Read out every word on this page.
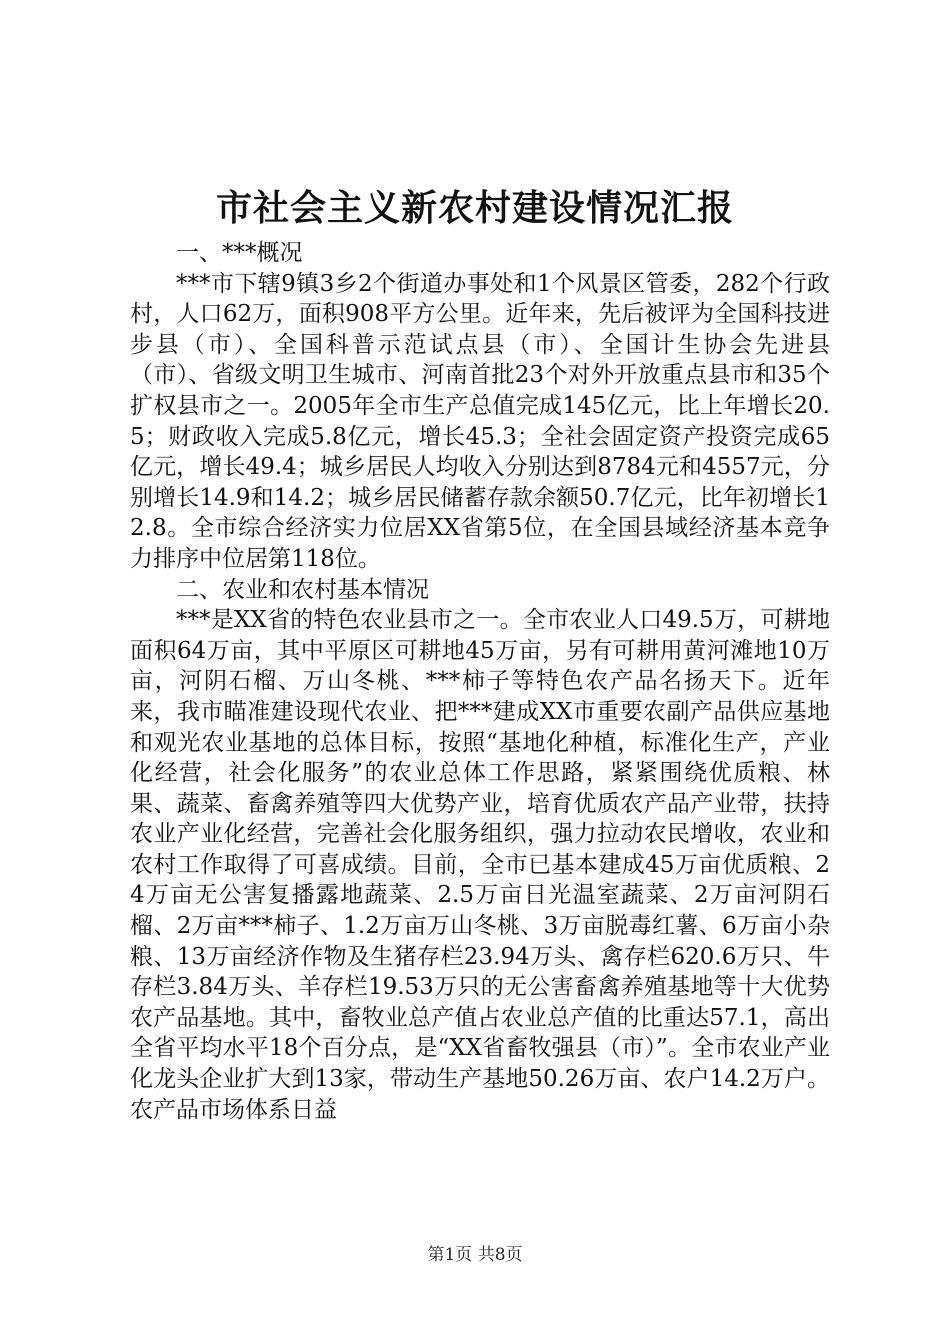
市社会主义新农村建设情况汇报

一、***概况

***市下辖9镇3乡2个街道办事处和1个风景区管委，282个行政村，人口62万，面积908平方公里。近年来，先后被评为全国科技进步县（市）、全国科普示范试点县（市）、全国计生协会先进县（市）、省级文明卫生城市、河南首批23个对外开放重点县市和35个扩权县市之一。2005年全市生产总值完成145亿元，比上年增长20.5；财政收入完成5.8亿元，增长45.3；全社会固定资产投资完成65亿元，增长49.4；城乡居民人均收入分别达到8784元和4557元，分别增长14.9和14.2；城乡居民储蓄存款余额50.7亿元，比年初增长12.8。全市综合经济实力位居XX省第5位，在全国县域经济基本竞争力排序中位居第118位。

二、农业和农村基本情况

***是XX省的特色农业县市之一。全市农业人口49.5万，可耕地面积64万亩，其中平原区可耕地45万亩，另有可耕用黄河滩地10万亩，河阴石榴、万山冬桃、***柿子等特色农产品名扬天下。近年来，我市瞄准建设现代农业、把***建成XX市重要农副产品供应基地和观光农业基地的总体目标，按照“基地化种植，标准化生产，产业化经营，社会化服务”的农业总体工作思路，紧紧围绕优质粮、林果、蔬菜、畜禽养殖等四大优势产业，培育优质农产品产业带，扶持农业产业化经营，完善社会化服务组织，强力拉动农民增收，农业和农村工作取得了可喜成绩。目前，全市已基本建成45万亩优质粮、24万亩无公害复播露地蔬菜、2.5万亩日光温室蔬菜、2万亩河阴石榴、2万亩***柿子、1.2万亩万山冬桃、3万亩脱毒红薯、6万亩小杂粮、13万亩经济作物及生猪存栏23.94万头、禽存栏620.6万只、牛存栏3.84万头、羊存栏19.53万只的无公害畜禽养殖基地等十大优势农产品基地。其中，畜牧业总产值占农业总产值的比重达57.1，高出全省平均水平18个百分点，是“XX省畜牧强县（市）”。全市农业产业化龙头企业扩大到13家，带动生产基地50.26万亩、农户14.2万户。农产品市场体系日益

第1页 共8页
